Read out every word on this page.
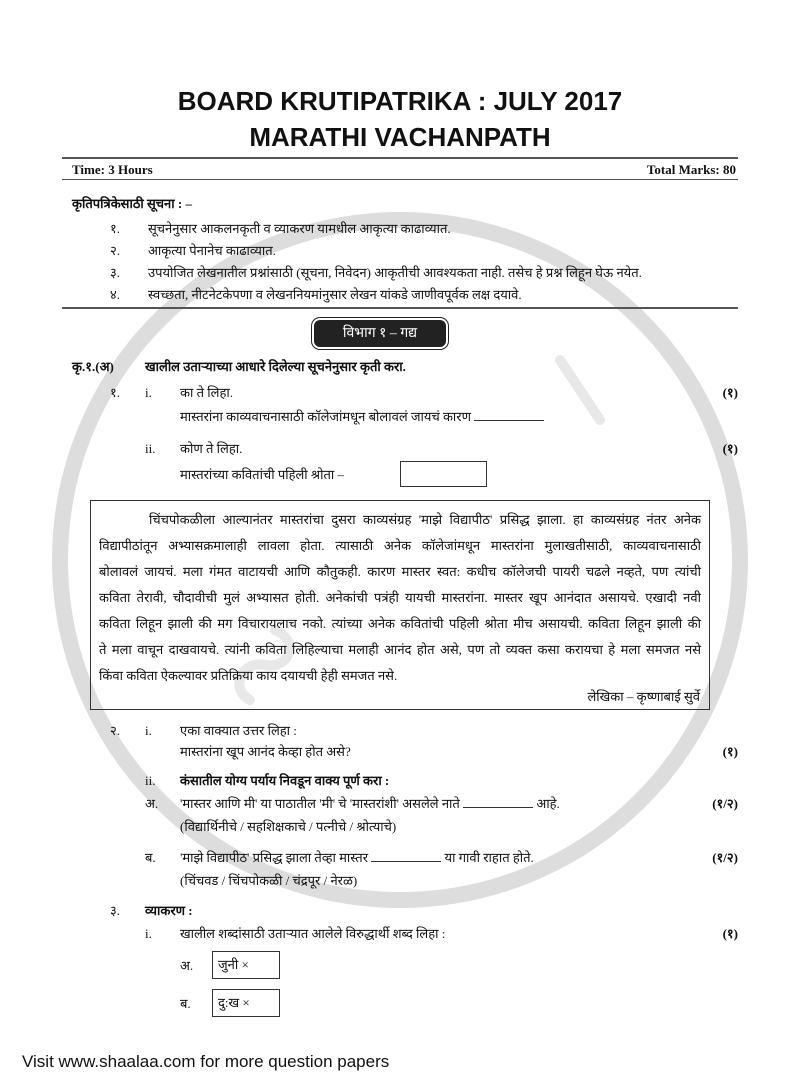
BOARD KRUTIPATRIKA : JULY 2017
MARATHI VACHANPATH
Time: 3 Hours	Total Marks: 80
कृतिपत्रिकेसाठी सूचना : –
१. सूचनेनुसार आकलनकृती व व्याकरण यामधील आकृत्या काढाव्यात.
२. आकृत्या पेनानेच काढाव्यात.
३. उपयोजित लेखनातील प्रश्नांसाठी (सूचना, निवेदन) आकृतीची आवश्यकता नाही. तसेच हे प्रश्न लिहून घेऊ नयेत.
४. स्वच्छता, नीटनेटकेपणा व लेखननियमांनुसार लेखन यांकडे जाणीवपूर्वक लक्ष दयावे.
विभाग १ – गद्य
कृ.१.(अ) खालील उताऱ्याच्या आधारे दिलेल्या सूचनेनुसार कृती करा.
१. i. का ते लिहा.	(१)
मास्तरांना काव्यवाचनासाठी कॉलेजांमधून बोलावलं जायचं कारण
ii. कोण ते लिहा.	(१)
मास्तरांच्या कवितांची पहिली श्रोता –
चिंचपोकळीला आल्यानंतर मास्तरांचा दुसरा काव्यसंग्रह 'माझे विद्यापीठ' प्रसिद्ध झाला. हा काव्यसंग्रह नंतर अनेक
विद्यापीठांतून अभ्यासक्रमालाही लावला होता. त्यासाठी अनेक कॉलेजांमधून मास्तरांना मुलाखतीसाठी, काव्यवाचनासाठी
बोलावलं जायचं. मला गंमत वाटायची आणि कौतुकही. कारण मास्तर स्वत: कधीच कॉलेजची पायरी चढले नव्हते, पण त्यांची
कविता तेरावी, चौदावीची मुलं अभ्यासत होती. अनेकांची पत्रंही यायची मास्तरांना. मास्तर खूप आनंदात असायचे. एखादी नवी
कविता लिहून झाली की मग विचारायलाच नको. त्यांच्या अनेक कवितांची पहिली श्रोता मीच असायची. कविता लिहून झाली की
ते मला वाचून दाखवायचे. त्यांनी कविता लिहिल्याचा मलाही आनंद होत असे, पण तो व्यक्त कसा करायचा हे मला समजत नसे
किंवा कविता ऐकल्यावर प्रतिक्रिया काय दयायची हेही समजत नसे.
लेखिका – कृष्णाबाई सुर्वे
२. i. एका वाक्यात उत्तर लिहा :
मास्तरांना खूप आनंद केव्हा होत असे?	(१)
ii. कंसातील योग्य पर्याय निवडून वाक्य पूर्ण करा :
अ. 'मास्तर आणि मी' या पाठातील 'मी' चे 'मास्तरांशी' असलेले नाते	आहे.	(१/२)
(विद्यार्थिनीचे / सहशिक्षकाचे / पत्नीचे / श्रोत्याचे)
ब. 'माझे विद्यापीठ' प्रसिद्ध झाला तेव्हा मास्तर	या गावी राहात होते.	(१/२)
(चिंचवड / चिंचपोकळी / चंद्रपूर / नेरळ)
३. व्याकरण :
i. खालील शब्दांसाठी उताऱ्यात आलेले विरुद्धार्थी शब्द लिहा :	(१)
अ. जुनी ×
ब. दु:ख ×
Visit www.shaalaa.com for more question papers
